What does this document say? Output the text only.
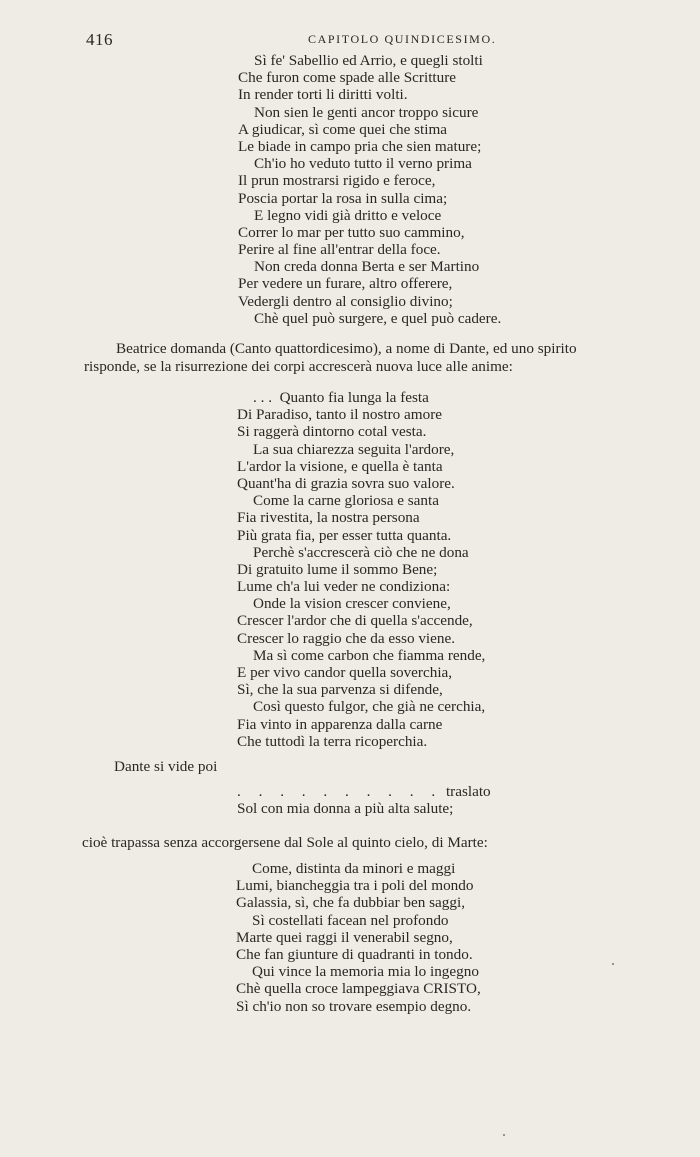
416	CAPITOLO QUINDICESIMO.
Sì fe' Sabellio ed Arrio, e quegli stolti
Che furon come spade alle Scritture
In render torti li diritti volti.
Non sien le genti ancor troppo sicure
A giudicar, sì come quei che stima
Le biade in campo pria che sien mature;
Ch'io ho veduto tutto il verno prima
Il prun mostrarsi rigido e feroce,
Poscia portar la rosa in sulla cima;
E legno vidi già dritto e veloce
Correr lo mar per tutto suo cammino,
Perire al fine all'entrar della foce.
Non creda donna Berta e ser Martino
Per vedere un furare, altro offerere,
Vedergli dentro al consiglio divino;
Chè quel può surgere, e quel può cadere.
Beatrice domanda (Canto quattordicesimo), a nome di Dante, ed uno spirito
risponde, se la risurrezione dei corpi accrescerà nuova luce alle anime:
. . .  Quanto fia lunga la festa
Di Paradiso, tanto il nostro amore
Si raggerà dintorno cotal vesta.
La sua chiarezza seguita l'ardore,
L'ardor la visione, e quella è tanta
Quant'ha di grazia sovra suo valore.
Come la carne gloriosa e santa
Fia rivestita, la nostra persona
Più grata fia, per esser tutta quanta.
Perchè s'accrescerà ciò che ne dona
Di gratuito lume il sommo Bene;
Lume ch'a lui veder ne condiziona:
Onde la vision crescer conviene,
Crescer l'ardor che di quella s'accende,
Crescer lo raggio che da esso viene.
Ma sì come carbon che fiamma rende,
E per vivo candor quella soverchia,
Sì, che la sua parvenza si difende,
Così questo fulgor, che già ne cerchia,
Fia vinto in apparenza dalla carne
Che tuttodì la terra ricoperchia.
Dante si vide poi
. . . . . . . . . . traslato
Sol con mia donna a più alta salute;
cioè trapassa senza accorgersene dal Sole al quinto cielo, di Marte:
Come, distinta da minori e maggi
Lumi, biancheggia tra i poli del mondo
Galassia, sì, che fa dubbiar ben saggi,
Sì costellati facean nel profondo
Marte quei raggi il venerabil segno,
Che fan giunture di quadranti in tondo.
Qui vince la memoria mia lo ingegno
Chè quella croce lampeggiava CRISTO,
Sì ch'io non so trovare esempio degno.
